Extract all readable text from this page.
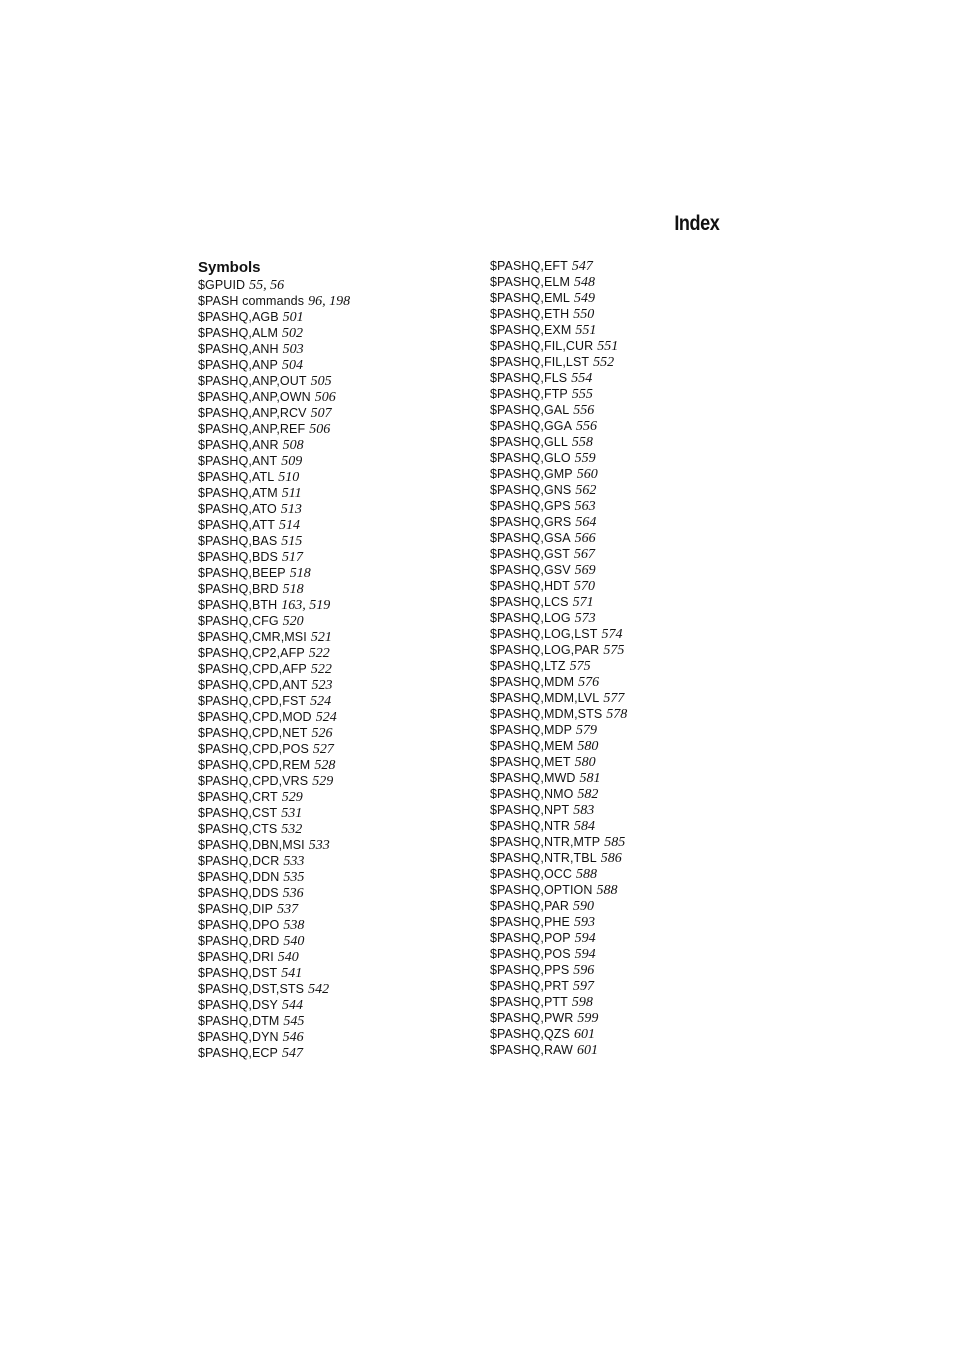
Index
Symbols
$GPUID 55, 56
$PASH commands 96, 198
$PASHQ,AGB 501
$PASHQ,ALM 502
$PASHQ,ANH 503
$PASHQ,ANP 504
$PASHQ,ANP,OUT 505
$PASHQ,ANP,OWN 506
$PASHQ,ANP,RCV 507
$PASHQ,ANP,REF 506
$PASHQ,ANR 508
$PASHQ,ANT 509
$PASHQ,ATL 510
$PASHQ,ATM 511
$PASHQ,ATO 513
$PASHQ,ATT 514
$PASHQ,BAS 515
$PASHQ,BDS 517
$PASHQ,BEEP 518
$PASHQ,BRD 518
$PASHQ,BTH 163, 519
$PASHQ,CFG 520
$PASHQ,CMR,MSI 521
$PASHQ,CP2,AFP 522
$PASHQ,CPD,AFP 522
$PASHQ,CPD,ANT 523
$PASHQ,CPD,FST 524
$PASHQ,CPD,MOD 524
$PASHQ,CPD,NET 526
$PASHQ,CPD,POS 527
$PASHQ,CPD,REM 528
$PASHQ,CPD,VRS 529
$PASHQ,CRT 529
$PASHQ,CST 531
$PASHQ,CTS 532
$PASHQ,DBN,MSI 533
$PASHQ,DCR 533
$PASHQ,DDN 535
$PASHQ,DDS 536
$PASHQ,DIP 537
$PASHQ,DPO 538
$PASHQ,DRD 540
$PASHQ,DRI 540
$PASHQ,DST 541
$PASHQ,DST,STS 542
$PASHQ,DSY 544
$PASHQ,DTM 545
$PASHQ,DYN 546
$PASHQ,ECP 547
$PASHQ,EFT 547
$PASHQ,ELM 548
$PASHQ,EML 549
$PASHQ,ETH 550
$PASHQ,EXM 551
$PASHQ,FIL,CUR 551
$PASHQ,FIL,LST 552
$PASHQ,FLS 554
$PASHQ,FTP 555
$PASHQ,GAL 556
$PASHQ,GGA 556
$PASHQ,GLL 558
$PASHQ,GLO 559
$PASHQ,GMP 560
$PASHQ,GNS 562
$PASHQ,GPS 563
$PASHQ,GRS 564
$PASHQ,GSA 566
$PASHQ,GST 567
$PASHQ,GSV 569
$PASHQ,HDT 570
$PASHQ,LCS 571
$PASHQ,LOG 573
$PASHQ,LOG,LST 574
$PASHQ,LOG,PAR 575
$PASHQ,LTZ 575
$PASHQ,MDM 576
$PASHQ,MDM,LVL 577
$PASHQ,MDM,STS 578
$PASHQ,MDP 579
$PASHQ,MEM 580
$PASHQ,MET 580
$PASHQ,MWD 581
$PASHQ,NMO 582
$PASHQ,NPT 583
$PASHQ,NTR 584
$PASHQ,NTR,MTP 585
$PASHQ,NTR,TBL 586
$PASHQ,OCC 588
$PASHQ,OPTION 588
$PASHQ,PAR 590
$PASHQ,PHE 593
$PASHQ,POP 594
$PASHQ,POS 594
$PASHQ,PPS 596
$PASHQ,PRT 597
$PASHQ,PTT 598
$PASHQ,PWR 599
$PASHQ,QZS 601
$PASHQ,RAW 601
